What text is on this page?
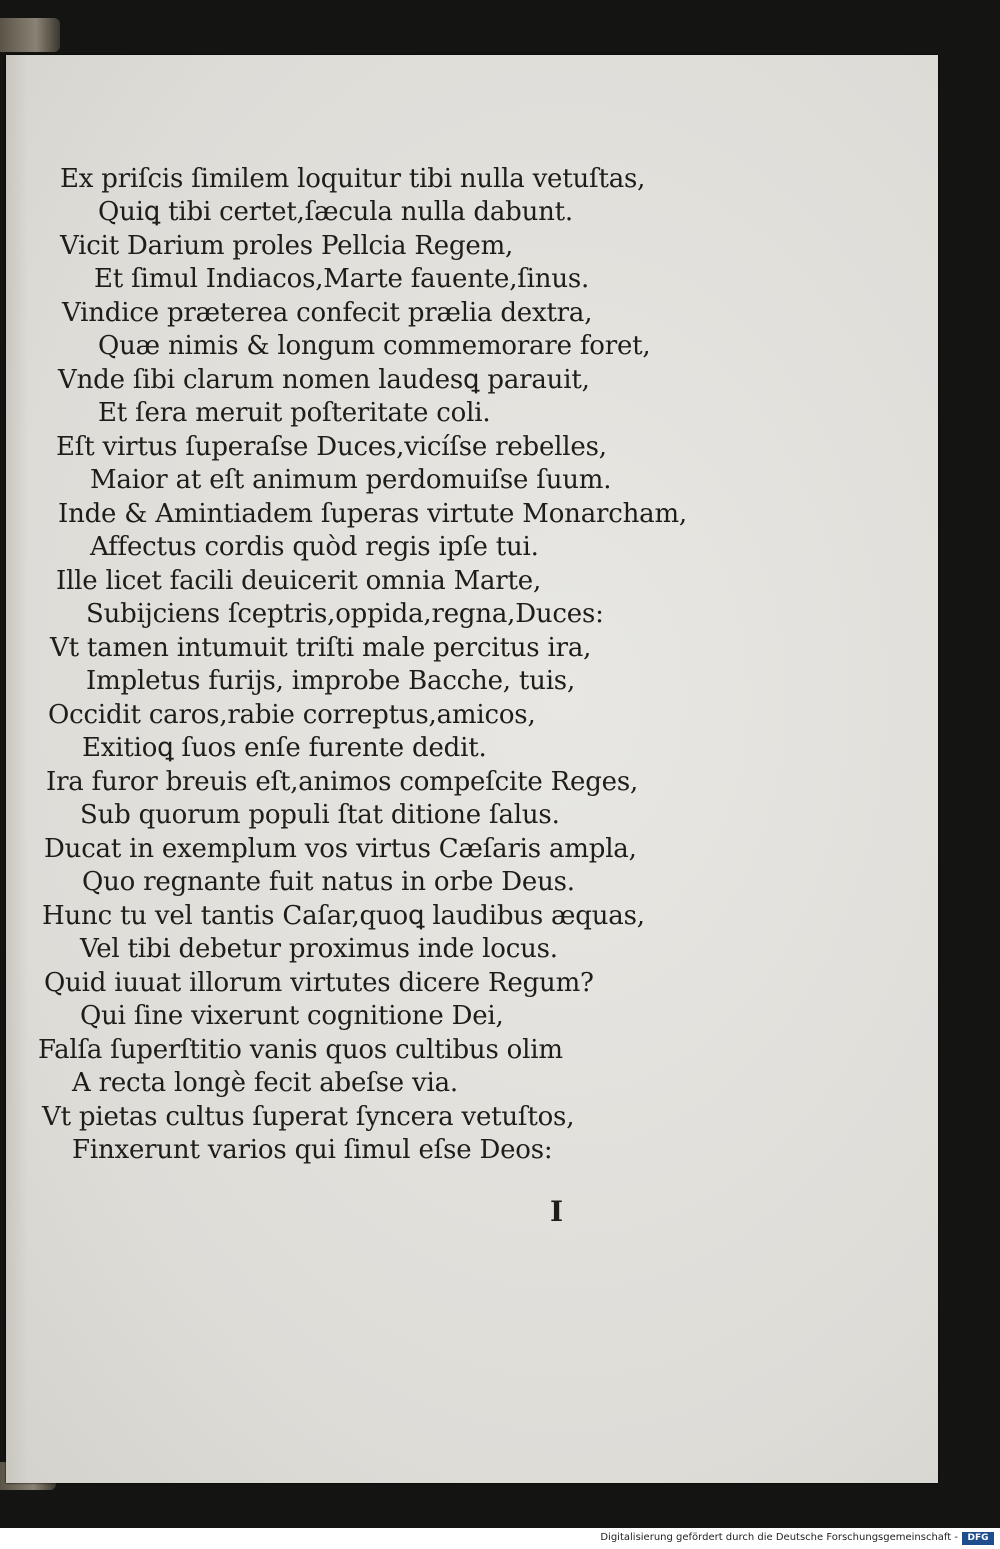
Ex priſcis ſimilem loquitur tibi nulla vetuſtas,
Quiꝗ tibi certet,ſæcula nulla dabunt.
Vicit Darium proles Pellcia Regem,
Et ſimul Indiacos,Marte fauente,ſinus.
Vindice præterea confecit prælia dextra,
Quæ nimis & longum commemorare foret,
Vnde ſibi clarum nomen laudesꝗ parauit,
Et ſera meruit poſteritate coli.
Eſt virtus ſuperaſse Duces,vicíſse rebelles,
Maior at eſt animum perdomuiſse ſuum.
Inde & Amintiadem ſuperas virtute Monarcham,
Affectus cordis quòd regis ipſe tui.
Ille licet facili deuicerit omnia Marte,
Subijciens ſceptris,oppida,regna,Duces:
Vt tamen intumuit triſti male percitus ira,
Impletus furijs, improbe Bacche, tuis,
Occidit caros,rabie correptus,amicos,
Exitioꝗ ſuos enſe furente dedit.
Ira furor breuis eſt,animos compeſcite Reges,
Sub quorum populi ſtat ditione ſalus.
Ducat in exemplum vos virtus Cæſaris ampla,
Quo regnante fuit natus in orbe Deus.
Hunc tu vel tantis Caſar,quoꝗ laudibus æquas,
Vel tibi debetur proximus inde locus.
Quid iuuat illorum virtutes dicere Regum?
Qui ſine vixerunt cognitione Dei,
Falſa ſuperſtitio vanis quos cultibus olim
A recta longè fecit abeſse via.
Vt pietas cultus ſuperat ſyncera vetuſtos,
Finxerunt varios qui ſimul eſse Deos:
I
Digitalisierung gefördert durch die Deutsche Forschungsgemeinschaft -	DFG
